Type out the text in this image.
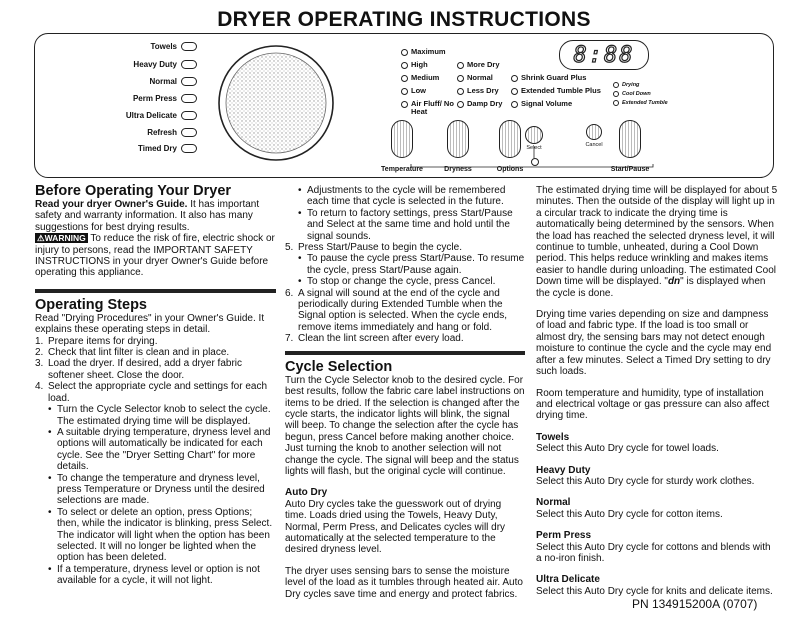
DRYER OPERATING INSTRUCTIONS
Towels
Heavy Duty
Normal
Perm Press
Ultra Delicate
Refresh
Timed Dry
Maximum
High
Medium
Low
Air Fluff/ No Heat
More Dry
Normal
Less Dry
Damp Dry
Shrink Guard Plus
Extended Tumble Plus
Signal Volume
8:88
Drying
Cool Down
Extended Tumble
Temperature	Dryness	Options
Select	Cancel
Start/Pause
Before Operating Your Dryer

Read your dryer Owner's Guide. It has important safety and warranty information. It also has many suggestions for best drying results.

⚠WARNING To reduce the risk of fire, electric shock or injury to persons, read the IMPORTANT SAFETY INSTRUCTIONS in your dryer Owner's Guide before operating this appliance.

Operating Steps

Read "Drying Procedures" in your Owner's Guide. It explains these operating steps in detail.

1. Prepare items for drying.
2. Check that lint filter is clean and in place.
3. Load the dryer. If desired, add a dryer fabric softener sheet. Close the door.
4. Select the appropriate cycle and settings for each load.
• Turn the Cycle Selector knob to select the cycle. The estimated drying time will be displayed.
• A suitable drying temperature, dryness level and options will automatically be indicated for each cycle. See the "Dryer Setting Chart" for more details.
• To change the temperature and dryness level, press Temperature or Dryness until the desired selections are made.
• To select or delete an option, press Options; then, while the indicator is blinking, press Select. The indicator will light when the option has been selected. It will no longer be lighted when the option has been deleted.
• If a temperature, dryness level or option is not available for a cycle, it will not light.
• Adjustments to the cycle will be remembered each time that cycle is selected in the future.
• To return to factory settings, press Start/Pause and Select at the same time and hold until the signal sounds.
5. Press Start/Pause to begin the cycle.
• To pause the cycle press Start/Pause. To resume the cycle, press Start/Pause again.
• To stop or change the cycle, press Cancel.
6. A signal will sound at the end of the cycle and periodically during Extended Tumble when the Signal option is selected. When the cycle ends, remove items immediately and hang or fold.
7. Clean the lint screen after every load.
Cycle Selection

Turn the Cycle Selector knob to the desired cycle. For best results, follow the fabric care label instructions on items to be dried. If the selection is changed after the cycle starts, the indicator lights will blink, the signal will beep. To change the selection after the cycle has begun, press Cancel before making another choice. Just turning the knob to another selection will not change the cycle. The signal will beep and the status lights will flash, but the original cycle will continue.

Auto Dry

Auto Dry cycles take the guesswork out of drying time. Loads dried using the Towels, Heavy Duty, Normal, Perm Press, and Delicates cycles will dry automatically at the selected temperature to the desired dryness level.

The dryer uses sensing bars to sense the moisture level of the load as it tumbles through heated air. Auto Dry cycles save time and energy and protect fabrics.

The estimated drying time will be displayed for about 5 minutes. Then the outside of the display will light up in a circular track to indicate the drying time is automatically being determined by the sensors. When the load has reached the selected dryness level, it will continue to tumble, unheated, during a Cool Down period. This helps reduce wrinkling and makes items easier to handle during unloading. The estimated Cool Down time will be displayed. "dn" is displayed when the cycle is done.

Drying time varies depending on size and dampness of load and fabric type. If the load is too small or almost dry, the sensing bars may not detect enough moisture to continue the cycle and the cycle may end after a few minutes. Select a Timed Dry setting to dry such loads.

Room temperature and humidity, type of installation and electrical voltage or gas pressure can also affect drying time.

Towels

Select this Auto Dry cycle for towel loads.

Heavy Duty

Select this Auto Dry cycle for sturdy work clothes.

Normal

Select this Auto Dry cycle for cotton items.

Perm Press

Select this Auto Dry cycle for cottons and blends with a no-iron finish.

Ultra Delicate

Select this Auto Dry cycle for knits and delicate items.

PN 134915200A (0707)
